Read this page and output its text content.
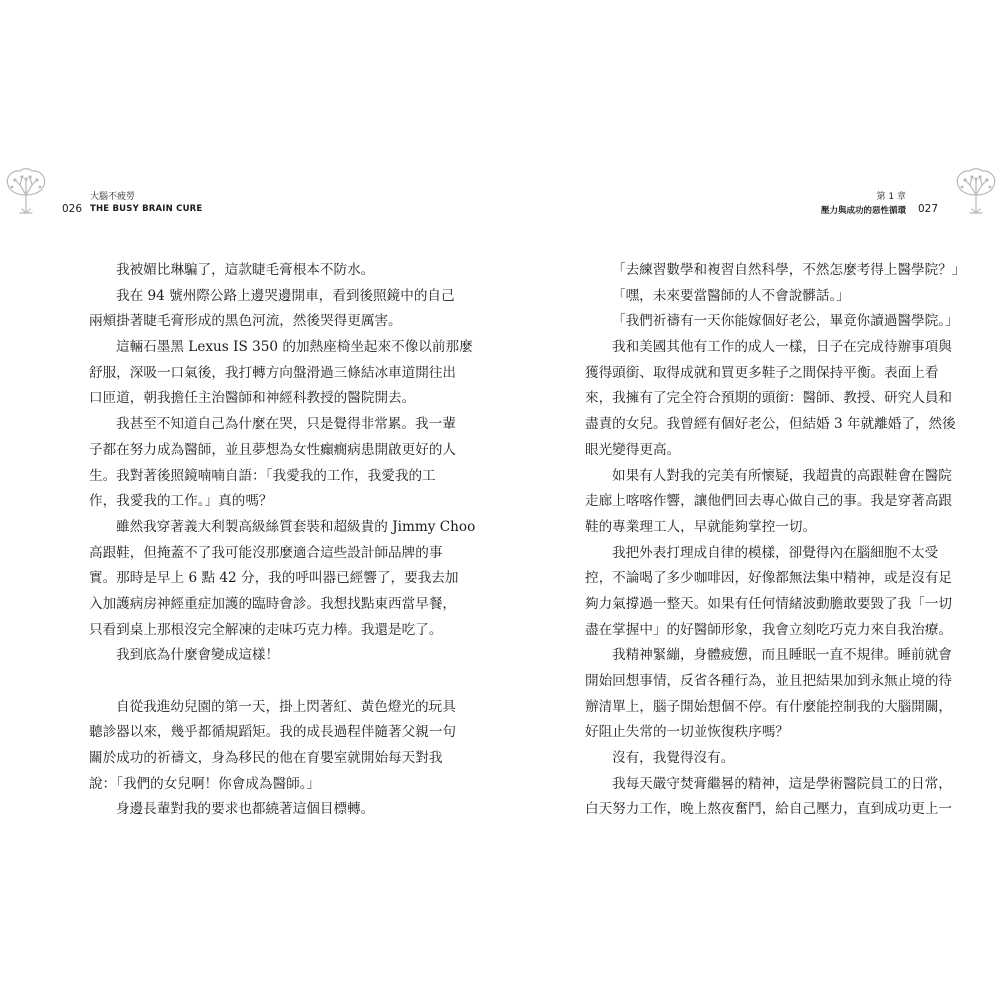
大腦不疲勞
026 THE BUSY BRAIN CURE
第 1 章
壓力與成功的惡性循環 027
我被媚比琳騙了，這款睫毛膏根本不防水。
我在 94 號州際公路上邊哭邊開車，看到後照鏡中的自己
兩頰掛著睫毛膏形成的黑色河流，然後哭得更厲害。
這輛石墨黑 Lexus IS 350 的加熱座椅坐起來不像以前那麼
舒服，深吸一口氣後，我打轉方向盤滑過三條結冰車道開往出
口匝道，朝我擔任主治醫師和神經科教授的醫院開去。
我甚至不知道自己為什麼在哭，只是覺得非常累。我一輩
子都在努力成為醫師，並且夢想為女性癲癇病患開啟更好的人
生。我對著後照鏡喃喃自語：「我愛我的工作，我愛我的工
作，我愛我的工作。」真的嗎？
雖然我穿著義大利製高級絲質套裝和超級貴的 Jimmy Choo
高跟鞋，但掩蓋不了我可能沒那麼適合這些設計師品牌的事
實。那時是早上 6 點 42 分，我的呼叫器已經響了，要我去加
入加護病房神經重症加護的臨時會診。我想找點東西當早餐，
只看到桌上那根沒完全解凍的走味巧克力棒。我還是吃了。
我到底為什麼會變成這樣！
自從我進幼兒園的第一天，掛上閃著紅、黃色燈光的玩具
聽診器以來，幾乎都循規蹈矩。我的成長過程伴隨著父親一句
關於成功的祈禱文，身為移民的他在育嬰室就開始每天對我
說：「我們的女兒啊！你會成為醫師。」
身邊長輩對我的要求也都繞著這個目標轉。
「去練習數學和複習自然科學，不然怎麼考得上醫學院？」
「嘿，未來要當醫師的人不會說髒話。」
「我們祈禱有一天你能嫁個好老公，畢竟你讀過醫學院。」
我和美國其他有工作的成人一樣，日子在完成待辦事項與
獲得頭銜、取得成就和買更多鞋子之間保持平衡。表面上看
來，我擁有了完全符合預期的頭銜：醫師、教授、研究人員和
盡責的女兒。我曾經有個好老公，但結婚 3 年就離婚了，然後
眼光變得更高。
如果有人對我的完美有所懷疑，我超貴的高跟鞋會在醫院
走廊上喀喀作響，讓他們回去專心做自己的事。我是穿著高跟
鞋的專業理工人，早就能夠掌控一切。
我把外表打理成自律的模樣，卻覺得內在腦細胞不太受
控，不論喝了多少咖啡因，好像都無法集中精神，或是沒有足
夠力氣撐過一整天。如果有任何情緒波動膽敢要毀了我「一切
盡在掌握中」的好醫師形象，我會立刻吃巧克力來自我治療。
我精神緊繃，身體疲憊，而且睡眠一直不規律。睡前就會
開始回想事情，反省各種行為，並且把結果加到永無止境的待
辦清單上，腦子開始想個不停。有什麼能控制我的大腦開關，
好阻止失常的一切並恢復秩序嗎？
沒有，我覺得沒有。
我每天嚴守焚膏繼晷的精神，這是學術醫院員工的日常，
白天努力工作，晚上熬夜奮鬥，給自己壓力，直到成功更上一
